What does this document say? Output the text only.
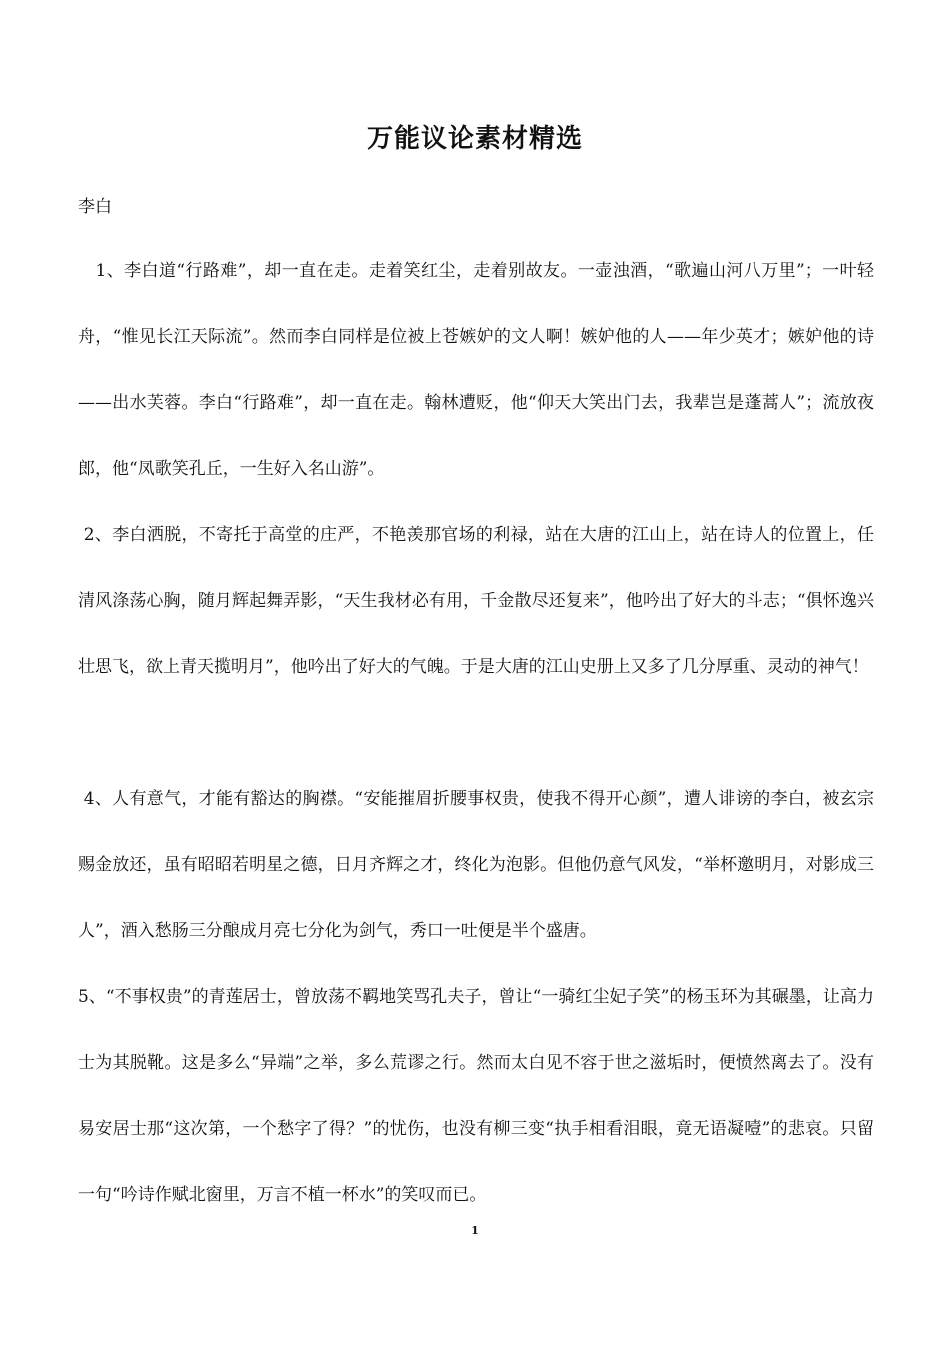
万能议论素材精选
李白
1、李白道“行路难”，却一直在走。走着笑红尘，走着别故友。一壶浊酒，“歌遍山河八万里”；一叶轻舟，“惟见长江天际流”。然而李白同样是位被上苍嫉妒的文人啊！嫉妒他的人——年少英才；嫉妒他的诗——出水芙蓉。李白“行路难”，却一直在走。翰林遭贬，他“仰天大笑出门去，我辈岂是蓬蒿人”；流放夜郎，他“凤歌笑孔丘，一生好入名山游”。
2、李白洒脱，不寄托于高堂的庄严，不艳羡那官场的利禄，站在大唐的江山上，站在诗人的位置上，任清风涤荡心胸，随月辉起舞弄影，“天生我材必有用，千金散尽还复来”，他吟出了好大的斗志；“俱怀逸兴壮思飞，欲上青天揽明月”，他吟出了好大的气魄。于是大唐的江山史册上又多了几分厚重、灵动的神气！
4、人有意气，才能有豁达的胸襟。“安能摧眉折腰事权贵，使我不得开心颜”，遭人诽谤的李白，被玄宗赐金放还，虽有昭昭若明星之德，日月齐辉之才，终化为泡影。但他仍意气风发，“举杯邀明月，对影成三人”，酒入愁肠三分酿成月亮七分化为剑气，秀口一吐便是半个盛唐。
5、“不事权贵”的青莲居士，曾放荡不羁地笑骂孔夫子，曾让“一骑红尘妃子笑”的杨玉环为其碾墨，让高力士为其脱靴。这是多么“异端”之举，多么荒谬之行。然而太白见不容于世之滋垢时，便愤然离去了。没有易安居士那“这次第，一个愁字了得？”的忧伤，也没有柳三变“执手相看泪眼，竟无语凝噎”的悲哀。只留一句“吟诗作赋北窗里，万言不植一杯水”的笑叹而已。
1
